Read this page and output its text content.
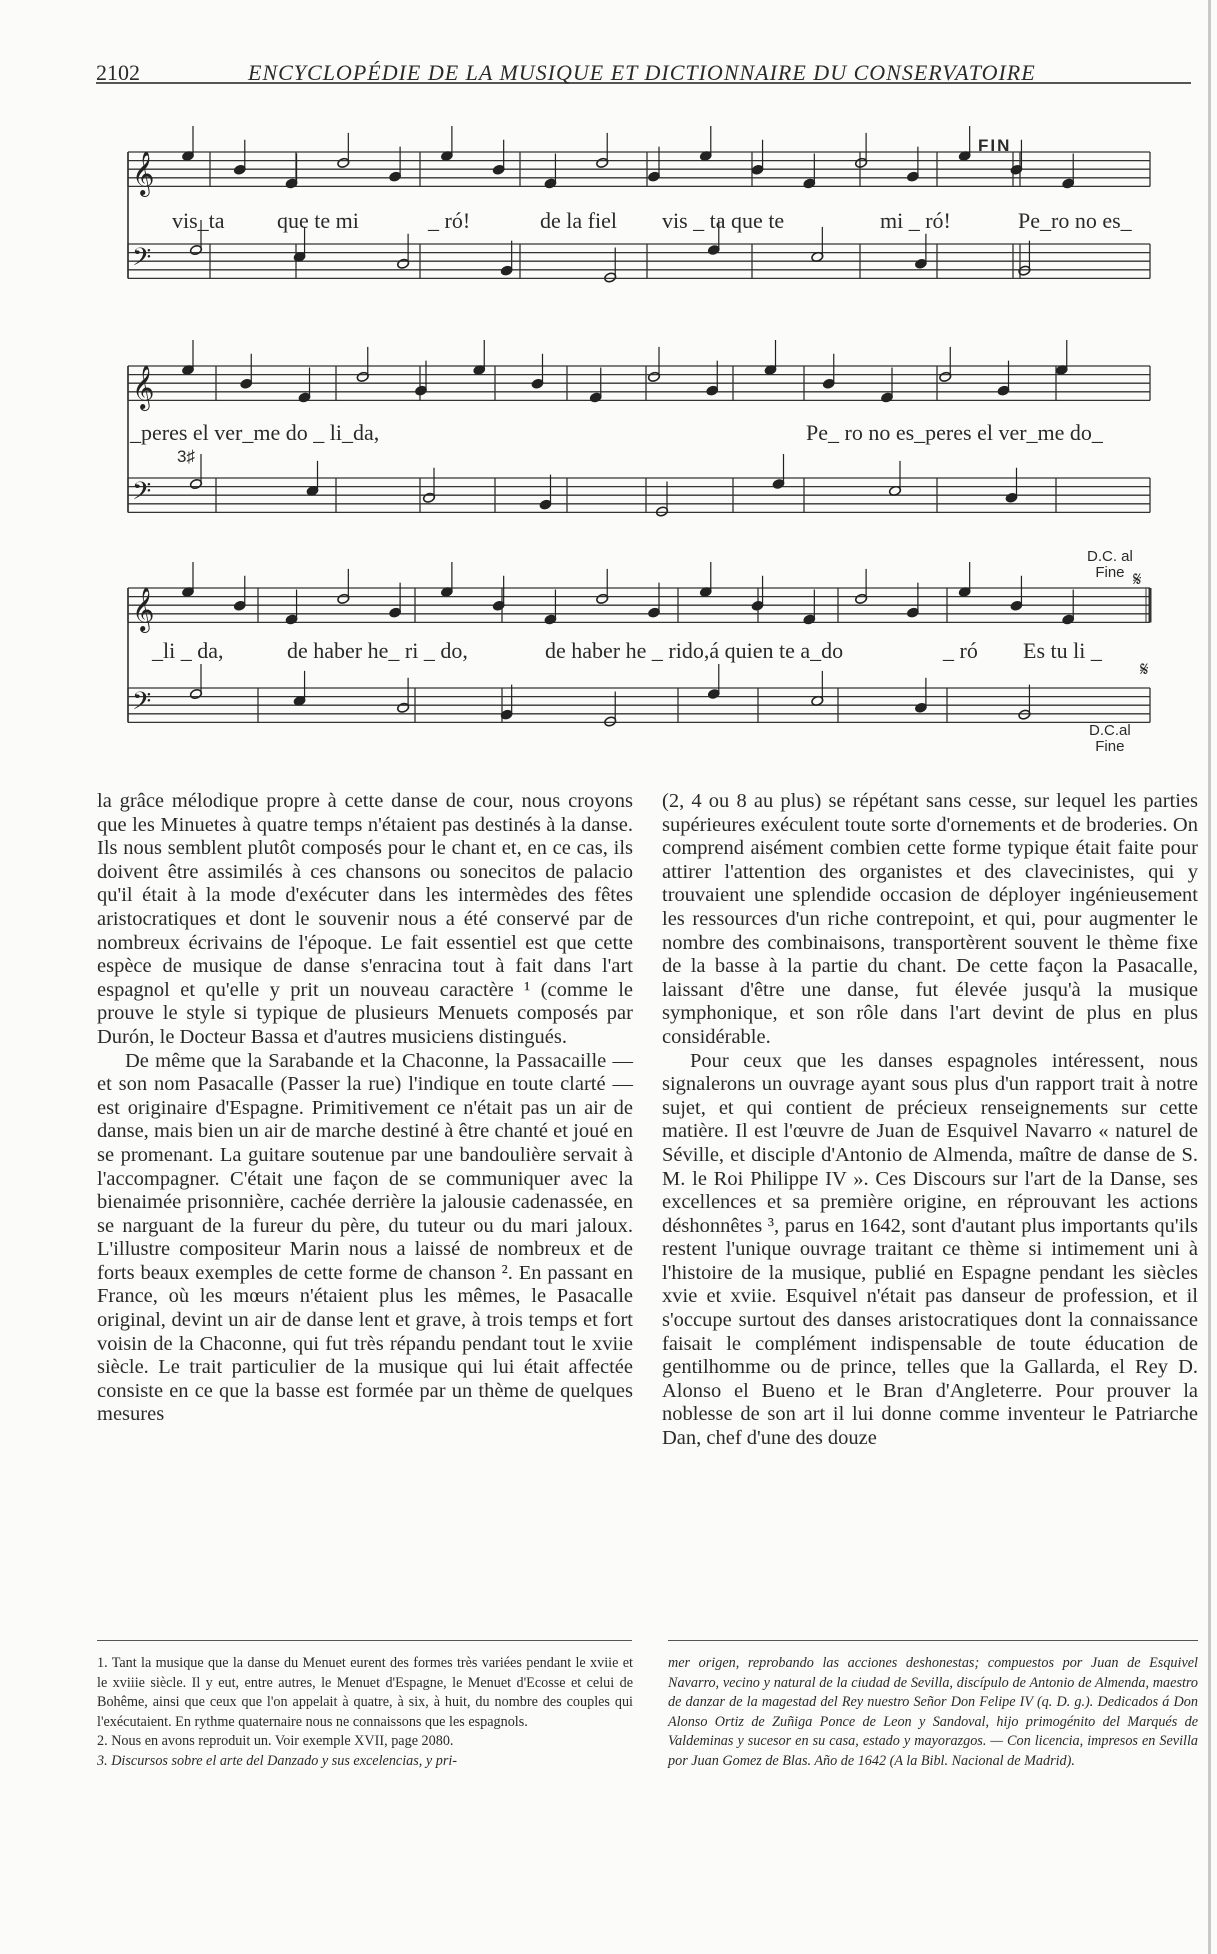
2102	ENCYCLOPÉDIE DE LA MUSIQUE ET DICTIONNAIRE DU CONSERVATOIRE
𝄞
𝄢
𝄞
𝄢
𝄞
𝄢
FIN
D.C. al
Fine 𝄋
𝄋
D.C.al
Fine
3♯
vis_ta que te mi	_ ró!	de la fiel vis _ ta que te	mi _ ró!	Pe_ro no es_
_peres el ver_me do _ li_da,	Pe_ ro no es_peres el ver_me do_
_li _ da,	de haber he_ ri _ do,	de haber he _ rido,á quien te a_do	_ ró Es tu li _

la grâce mélodique propre à cette danse de cour, nous croyons que les Minuetes à quatre temps n'étaient pas destinés à la danse. Ils nous semblent plutôt composés pour le chant et, en ce cas, ils doivent être assimilés à ces chansons ou sonecitos de palacio qu'il était à la mode d'exécuter dans les intermèdes des fêtes aristocratiques et dont le souvenir nous a été conservé par de nombreux écrivains de l'époque. Le fait essentiel est que cette espèce de musique de danse s'enracina tout à fait dans l'art espagnol et qu'elle y prit un nouveau caractère ¹ (comme le prouve le style si typique de plusieurs Menuets composés par Durón, le Docteur Bassa et d'autres musiciens distingués.

De même que la Sarabande et la Chaconne, la Passacaille — et son nom Pasacalle (Passer la rue) l'indique en toute clarté — est originaire d'Espagne. Primitivement ce n'était pas un air de danse, mais bien un air de marche destiné à être chanté et joué en se promenant. La guitare soutenue par une bandoulière servait à l'accompagner. C'était une façon de se communiquer avec la bienaimée prisonnière, cachée derrière la jalousie cadenassée, en se narguant de la fureur du père, du tuteur ou du mari jaloux. L'illustre compositeur Marin nous a laissé de nombreux et de forts beaux exemples de cette forme de chanson ². En passant en France, où les mœurs n'étaient plus les mêmes, le Pasacalle original, devint un air de danse lent et grave, à trois temps et fort voisin de la Chaconne, qui fut très répandu pendant tout le xviie siècle. Le trait particulier de la musique qui lui était affectée consiste en ce que la basse est formée par un thème de quelques mesures

(2, 4 ou 8 au plus) se répétant sans cesse, sur lequel les parties supérieures exéculent toute sorte d'ornements et de broderies. On comprend aisément combien cette forme typique était faite pour attirer l'attention des organistes et des clavecinistes, qui y trouvaient une splendide occasion de déployer ingénieusement les ressources d'un riche contrepoint, et qui, pour augmenter le nombre des combinaisons, transportèrent souvent le thème fixe de la basse à la partie du chant. De cette façon la Pasacalle, laissant d'être une danse, fut élevée jusqu'à la musique symphonique, et son rôle dans l'art devint de plus en plus considérable.

Pour ceux que les danses espagnoles intéressent, nous signalerons un ouvrage ayant sous plus d'un rapport trait à notre sujet, et qui contient de précieux renseignements sur cette matière. Il est l'œuvre de Juan de Esquivel Navarro « naturel de Séville, et disciple d'Antonio de Almenda, maître de danse de S. M. le Roi Philippe IV ». Ces Discours sur l'art de la Danse, ses excellences et sa première origine, en réprouvant les actions déshonnêtes ³, parus en 1642, sont d'autant plus importants qu'ils restent l'unique ouvrage traitant ce thème si intimement uni à l'histoire de la musique, publié en Espagne pendant les siècles xvie et xviie. Esquivel n'était pas danseur de profession, et il s'occupe surtout des danses aristocratiques dont la connaissance faisait le complément indispensable de toute éducation de gentilhomme ou de prince, telles que la Gallarda, el Rey D. Alonso el Bueno et le Bran d'Angleterre. Pour prouver la noblesse de son art il lui donne comme inventeur le Patriarche Dan, chef d'une des douze

1. Tant la musique que la danse du Menuet eurent des formes très variées pendant le xviie et le xviiie siècle. Il y eut, entre autres, le Menuet d'Espagne, le Menuet d'Ecosse et celui de Bohême, ainsi que ceux que l'on appelait à quatre, à six, à huit, du nombre des couples qui l'exécutaient. En rythme quaternaire nous ne connaissons que les espagnols.

2. Nous en avons reproduit un. Voir exemple XVII, page 2080.

3. Discursos sobre el arte del Danzado y sus excelencias, y pri-

mer origen, reprobando las acciones deshonestas; compuestos por Juan de Esquivel Navarro, vecino y natural de la ciudad de Sevilla, discípulo de Antonio de Almenda, maestro de danzar de la magestad del Rey nuestro Señor Don Felipe IV (q. D. g.). Dedicados á Don Alonso Ortiz de Zuñiga Ponce de Leon y Sandoval, hijo primogénito del Marqués de Valdeminas y sucesor en su casa, estado y mayorazgos. — Con licencia, impresos en Sevilla por Juan Gomez de Blas. Año de 1642 (A la Bibl. Nacional de Madrid).
